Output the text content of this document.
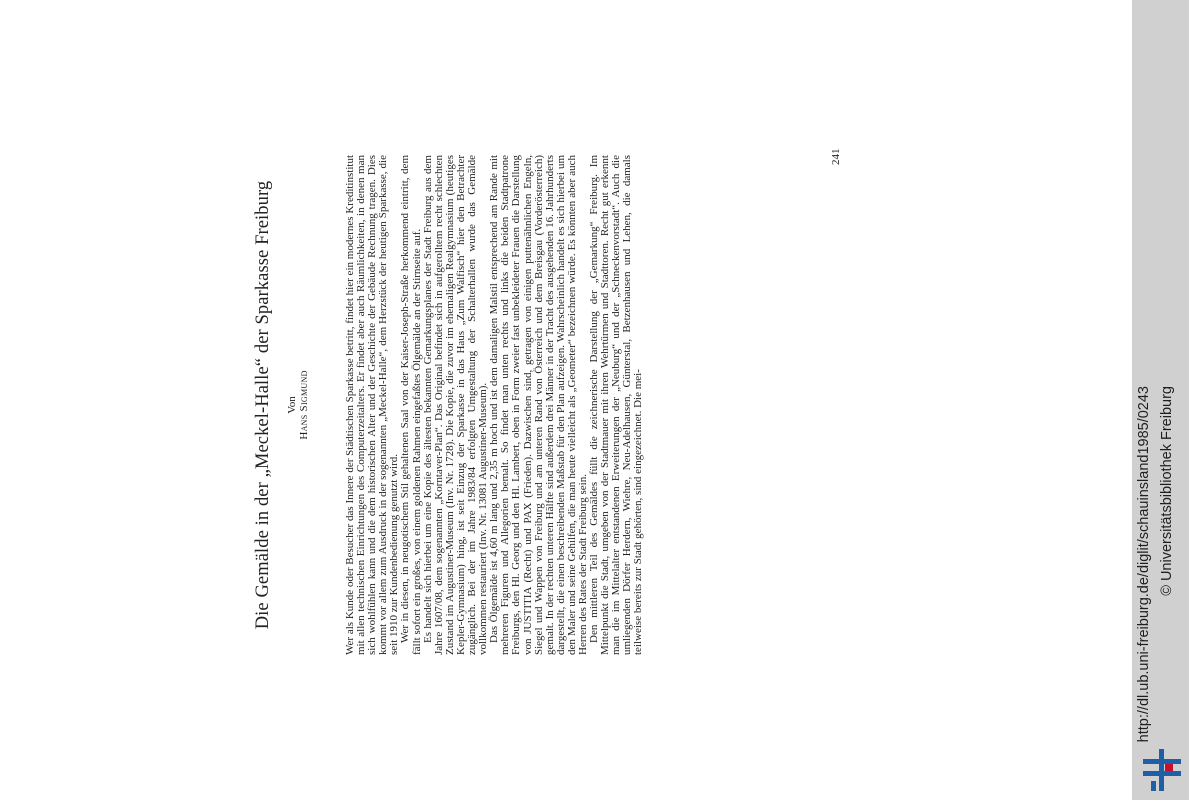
Die Gemälde in der „Meckel-Halle“ der Sparkasse Freiburg Von Hans Sigmund	Wer als Kunde oder Besucher das Innere der Städtischen Sparkasse betritt, findet hier ein modernes Kreditinstitut mit allen technischen Einrichtungen des Computerzeitalters. Er findet aber auch Räumlichkeiten, in denen man sich wohlfühlen kann und die dem historischen Alter und der Geschichte der Gebäude Rechnung tragen. Dies kommt vor allem zum Ausdruck in der sogenannten „Meckel-Halle“, dem Herzstück der heutigen Sparkasse, die seit 1910 zur Kundenbedienung genutzt wird. Wer in diesen, in neugotischem Stil gehaltenen Saal von der Kaiser-Joseph-Straße herkommend eintritt, dem fällt sofort ein großes, von einem goldenen Rahmen eingefaßtes Ölgemälde an der Stirnseite auf. Es handelt sich hierbei um eine Kopie des ältesten bekannten Gemarkungsplanes der Stadt Freiburg aus dem Jahre 1607/08, dem sogenannten „Korntaver-Plan“. Das Original befindet sich in aufgerolltem recht schlechten Zustand im Augustiner-Museum (Inv. Nr. 1728). Die Kopie, die zuvor im ehemaligen Realgymnasium (heutiges Kepler-Gymnasium) hing, ist seit Einzug der Sparkasse in das Haus „Zum Walfisch“ hier den Betrachter zugänglich. Bei der im Jahre 1983/84 erfolgten Umgestaltung der Schalterhallen wurde das Gemälde vollkommen restauriert (Inv. Nr. 13081 Augustiner-Museum). Das Ölgemälde ist 4,60 m lang und 2,35 m hoch und ist dem damaligen Malstil entsprechend am Rande mit mehreren Figuren und Allegorien bemalt. So findet man unten rechts und links die beiden Stadtpatrone Freiburgs, den Hl. Georg und den Hl. Lambert, oben in Form zweier fast unbekleideter Frauen die Darstellung von JUSTITIA (Recht) und PAX (Frieden). Dazwischen sind, getragen von einigen puttenähnlichen Engeln, Siegel und Wappen von Freiburg und am unteren Rand von Österreich und dem Breisgau (Vorderösterreich) gemalt. In der rechten unteren Hälfte sind außerdem drei Männer in der Tracht des ausgehenden 16. Jahrhunderts dargestellt, die einen beschreibenden Maßstab für den Plan aufzeigen. Wahrscheinlich handelt es sich hierbei um den Maler und seine Gehilfen, die man heute vielleicht als „Geometer“ bezeichnen würde. Es könnten aber auch Herren des Rates der Stadt Freiburg sein. Den mittleren Teil des Gemäldes füllt die zeichnerische Darstellung der „Gemarkung“ Freiburg. Im Mittelpunkt die Stadt, umgeben von der Stadtmauer mit ihren Wehrtürmen und Stadttoren. Recht gut erkennt man die im Mittelalter entstandenen Erweiterungen der „Neuburg“ und der „Schneckenvorstadt“. Auch die umliegenden Dörfer Herdern, Wiehre, Neu-Adelhausen, Günterstal, Betzenhausen und Lehen, die damals teilweise bereits zur Stadt gehörten, sind eingezeichnet. Die mei-

241
http://dl.ub.uni-freiburg.de/diglit/schauinsland1985/0243 © Universitätsbibliothek Freiburg
